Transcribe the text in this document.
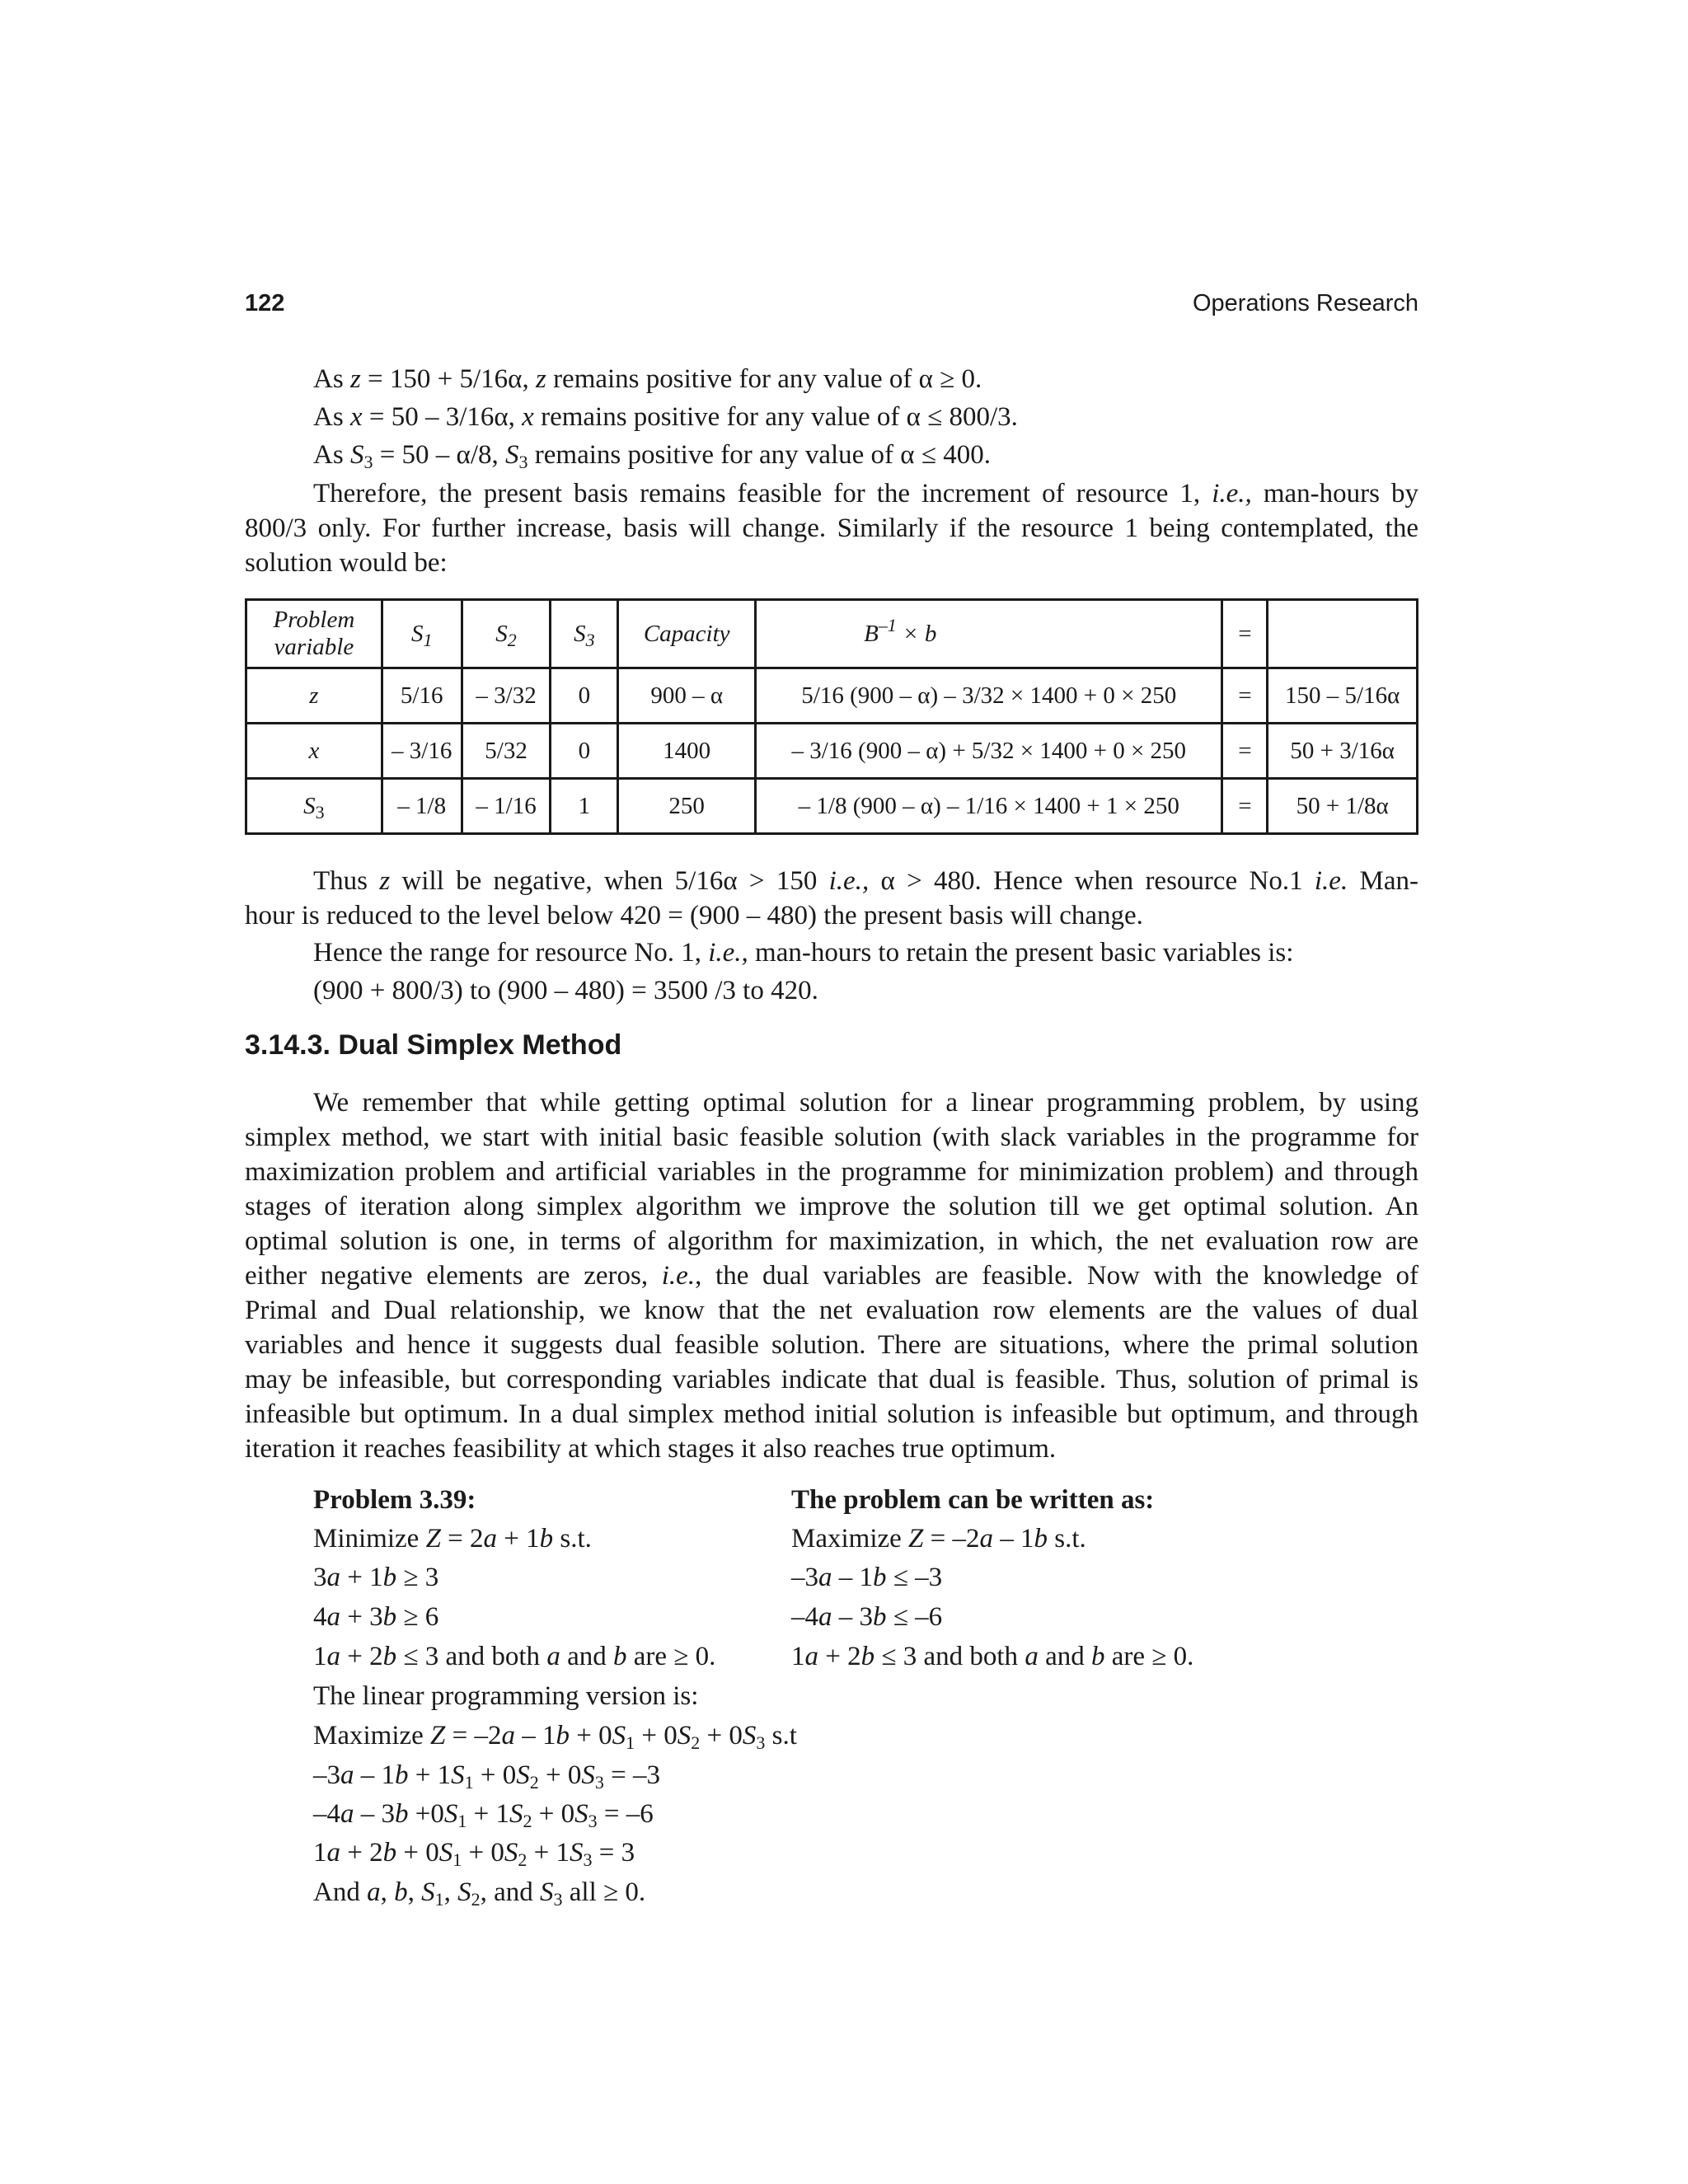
122	Operations Research
As z = 150 + 5/16α, z remains positive for any value of α ≥ 0.
As x = 50 – 3/16α, x remains positive for any value of α ≤ 800/3.
As $S_3 = 50 - \alpha/8$, $S_3$ remains positive for any value of α ≤ 400.
Therefore, the present basis remains feasible for the increment of resource 1, i.e., man-hours by
800/3 only. For further increase, basis will change. Similarly if the resource 1 being contemplated, the
solution would be:
Problem
variable	$S_1$	$S_2$	$S_3$	Capacity	$B^{-1} \times b$	=	
z	5/16	– 3/32	0	900 – α	5/16 (900 – α) – 3/32 × 1400 + 0 × 250	=	150 – 5/16α
x	– 3/16	5/32	0	1400	– 3/16 (900 – α) + 5/32 × 1400 + 0 × 250	=	50 + 3/16α
$S_3$	– 1/8	– 1/16	1	250	– 1/8 (900 – α) – 1/16 × 1400 + 1 × 250	=	50 + 1/8α
Thus z will be negative, when 5/16α > 150 i.e., α > 480. Hence when resource No.1 i.e. Man-
hour is reduced to the level below 420 = (900 – 480) the present basis will change.
Hence the range for resource No. 1, i.e., man-hours to retain the present basic variables is:
(900 + 800/3) to (900 – 480) = 3500 /3 to 420.
3.14.3. Dual Simplex Method
We remember that while getting optimal solution for a linear programming problem, by using
simplex method, we start with initial basic feasible solution (with slack variables in the programme for
maximization problem and artificial variables in the programme for minimization problem) and through
stages of iteration along simplex algorithm we improve the solution till we get optimal solution. An
optimal solution is one, in terms of algorithm for maximization, in which, the net evaluation row are
either negative elements are zeros, i.e., the dual variables are feasible. Now with the knowledge of
Primal and Dual relationship, we know that the net evaluation row elements are the values of dual
variables and hence it suggests dual feasible solution. There are situations, where the primal solution
may be infeasible, but corresponding variables indicate that dual is feasible. Thus, solution of primal is
infeasible but optimum. In a dual simplex method initial solution is infeasible but optimum, and through
iteration it reaches feasibility at which stages it also reaches true optimum.
Problem 3.39:	The problem can be written as:
Minimize Z = 2a + 1b s.t.	Maximize Z = –2a – 1b s.t.
3a + 1b ≥ 3	–3a – 1b ≤ –3
4a + 3b ≥ 6	–4a – 3b ≤ –6
1a + 2b ≤ 3 and both a and b are ≥ 0.	1a + 2b ≤ 3 and both a and b are ≥ 0.
The linear programming version is:
Maximize $Z = -2a - 1b + 0S_1 + 0S_2 + 0S_3$ s.t
$-3a - 1b + 1S_1 + 0S_2 + 0S_3 = -3$
$-4a - 3b +0S_1 + 1S_2 + 0S_3 = -6$
$1a + 2b + 0S_1 + 0S_2 + 1S_3 = 3$
And a, b, $S_1$, $S_2$, and $S_3$ all ≥ 0.
